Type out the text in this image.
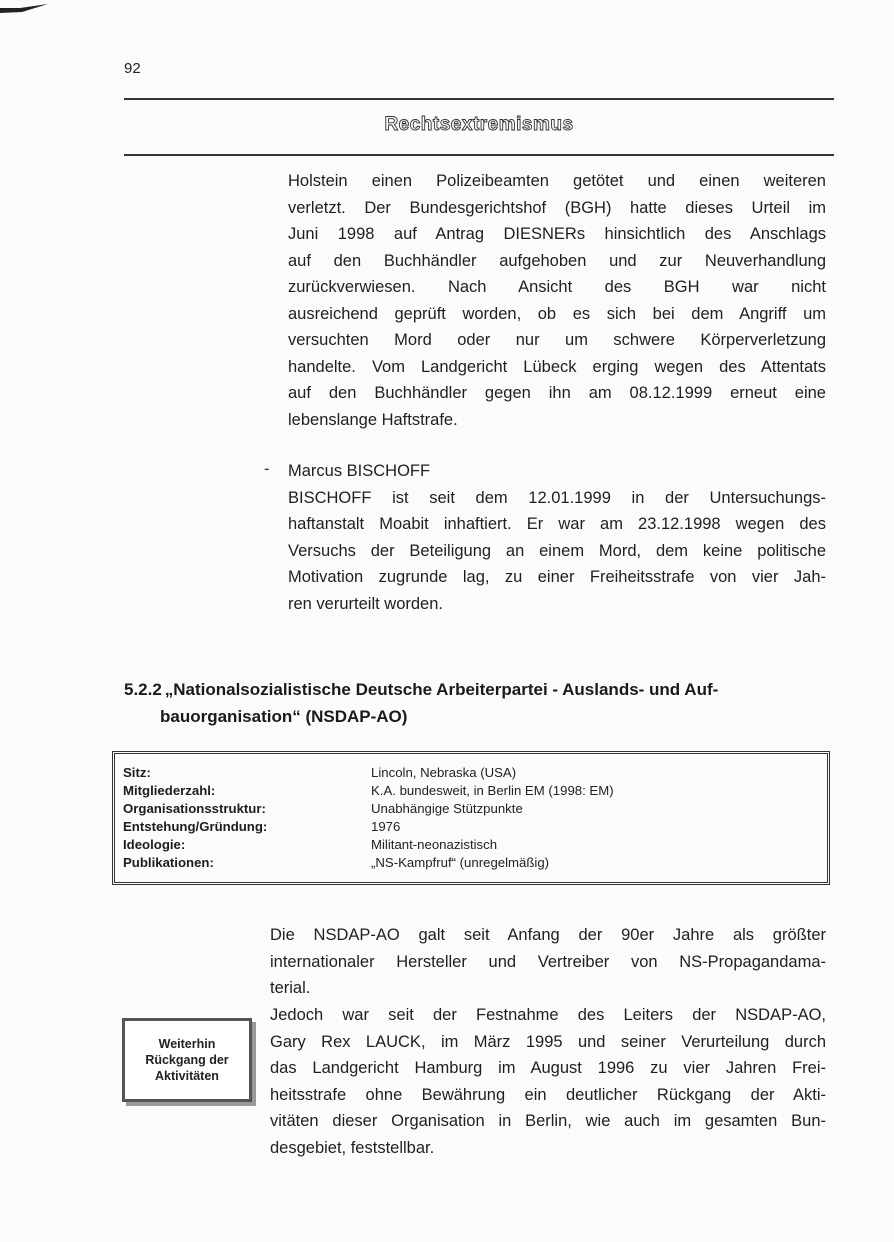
92
Rechtsextremismus
Holstein einen Polizeibeamten getötet und einen weiteren
verletzt. Der Bundesgerichtshof (BGH) hatte dieses Urteil im
Juni 1998 auf Antrag DIESNERs hinsichtlich des Anschlags
auf den Buchhändler aufgehoben und zur Neuverhandlung
zurückverwiesen. Nach Ansicht des BGH war nicht
ausreichend geprüft worden, ob es sich bei dem Angriff um
versuchten Mord oder nur um schwere Körperverletzung
handelte. Vom Landgericht Lübeck erging wegen des Attentats
auf den Buchhändler gegen ihn am 08.12.1999 erneut eine
lebenslange Haftstrafe.
- Marcus BISCHOFF
BISCHOFF ist seit dem 12.01.1999 in der Untersuchungs-
haftanstalt Moabit inhaftiert. Er war am 23.12.1998 wegen des
Versuchs der Beteiligung an einem Mord, dem keine politische
Motivation zugrunde lag, zu einer Freiheitsstrafe von vier Jah-
ren verurteilt worden.
5.2.2 „Nationalsozialistische Deutsche Arbeiterpartei - Auslands- und Auf-
bauorganisation“ (NSDAP-AO)
Sitz:	Lincoln, Nebraska (USA)
Mitgliederzahl:	K.A. bundesweit, in Berlin EM (1998: EM)
Organisationsstruktur:	Unabhängige Stützpunkte
Entstehung/Gründung:	1976
Ideologie:	Militant-neonazistisch
Publikationen:	„NS-Kampfruf“ (unregelmäßig)
Die NSDAP-AO galt seit Anfang der 90er Jahre als größter
internationaler Hersteller und Vertreiber von NS-Propagandama-
terial.
Weiterhin
Rückgang der
Aktivitäten
Jedoch war seit der Festnahme des Leiters der NSDAP-AO,
Gary Rex LAUCK, im März 1995 und seiner Verurteilung durch
das Landgericht Hamburg im August 1996 zu vier Jahren Frei-
heitsstrafe ohne Bewährung ein deutlicher Rückgang der Akti-
vitäten dieser Organisation in Berlin, wie auch im gesamten Bun-
desgebiet, feststellbar.
